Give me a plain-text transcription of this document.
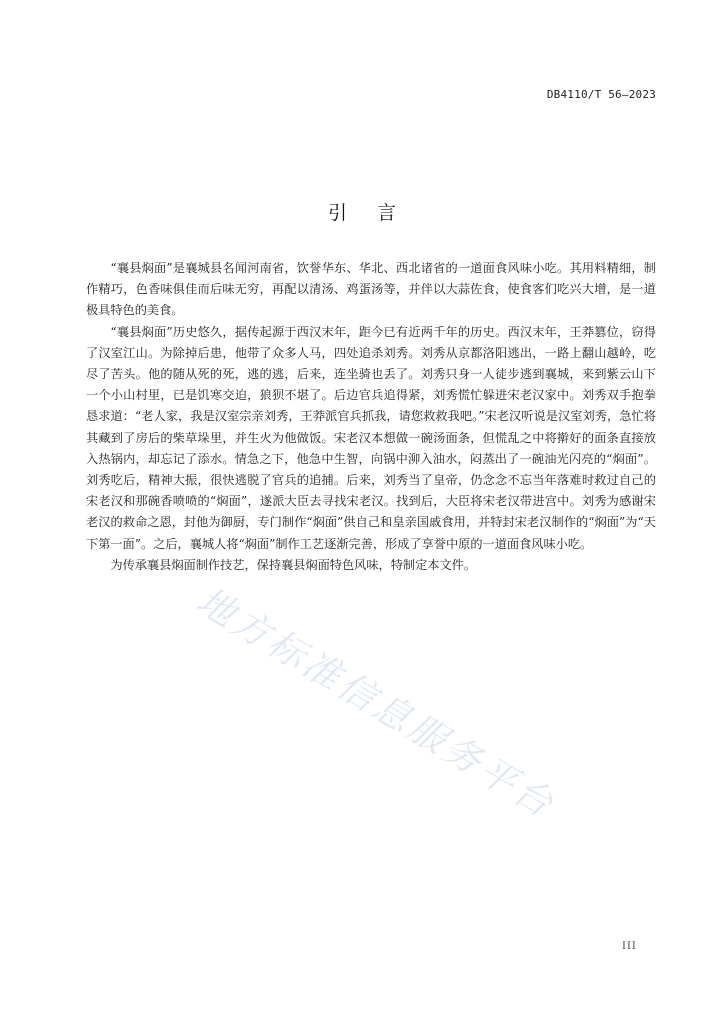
DB4110/T 56—2023
引言

“襄县焖面”是襄城县名闻河南省，饮誉华东、华北、西北诸省的一道面食风味小吃。其用料精细，制作精巧，色香味俱佳而后味无穷，再配以清汤、鸡蛋汤等，并伴以大蒜佐食，使食客们吃兴大增，是一道极具特色的美食。

“襄县焖面”历史悠久，据传起源于西汉末年，距今已有近两千年的历史。西汉末年，王莽篡位，窃得了汉室江山。为除掉后患，他带了众多人马，四处追杀刘秀。刘秀从京都洛阳逃出，一路上翻山越岭，吃尽了苦头。他的随从死的死，逃的逃，后来，连坐骑也丢了。刘秀只身一人徒步逃到襄城，来到紫云山下一个小山村里，已是饥寒交迫，狼狈不堪了。后边官兵追得紧，刘秀慌忙躲进宋老汉家中。刘秀双手抱拳恳求道：“老人家，我是汉室宗亲刘秀，王莽派官兵抓我，请您救救我吧。”宋老汉听说是汉室刘秀，急忙将其藏到了房后的柴草垛里，并生火为他做饭。宋老汉本想做一碗汤面条，但慌乱之中将擀好的面条直接放入热锅内，却忘记了添水。情急之下，他急中生智，向锅中泖入油水，闷蒸出了一碗油光闪亮的“焖面”。刘秀吃后，精神大振，很快逃脱了官兵的追捕。后来，刘秀当了皇帝，仍念念不忘当年落难时救过自己的宋老汉和那碗香喷喷的“焖面”，遂派大臣去寻找宋老汉。找到后，大臣将宋老汉带进宫中。刘秀为感谢宋老汉的救命之恩，封他为御厨，专门制作“焖面”供自己和皇亲国戚食用，并特封宋老汉制作的“焖面”为“天下第一面”。之后，襄城人将“焖面”制作工艺逐渐完善，形成了享誉中原的一道面食风味小吃。

为传承襄县焖面制作技艺，保持襄县焖面特色风味，特制定本文件。

地方标准信息服务平台
III
